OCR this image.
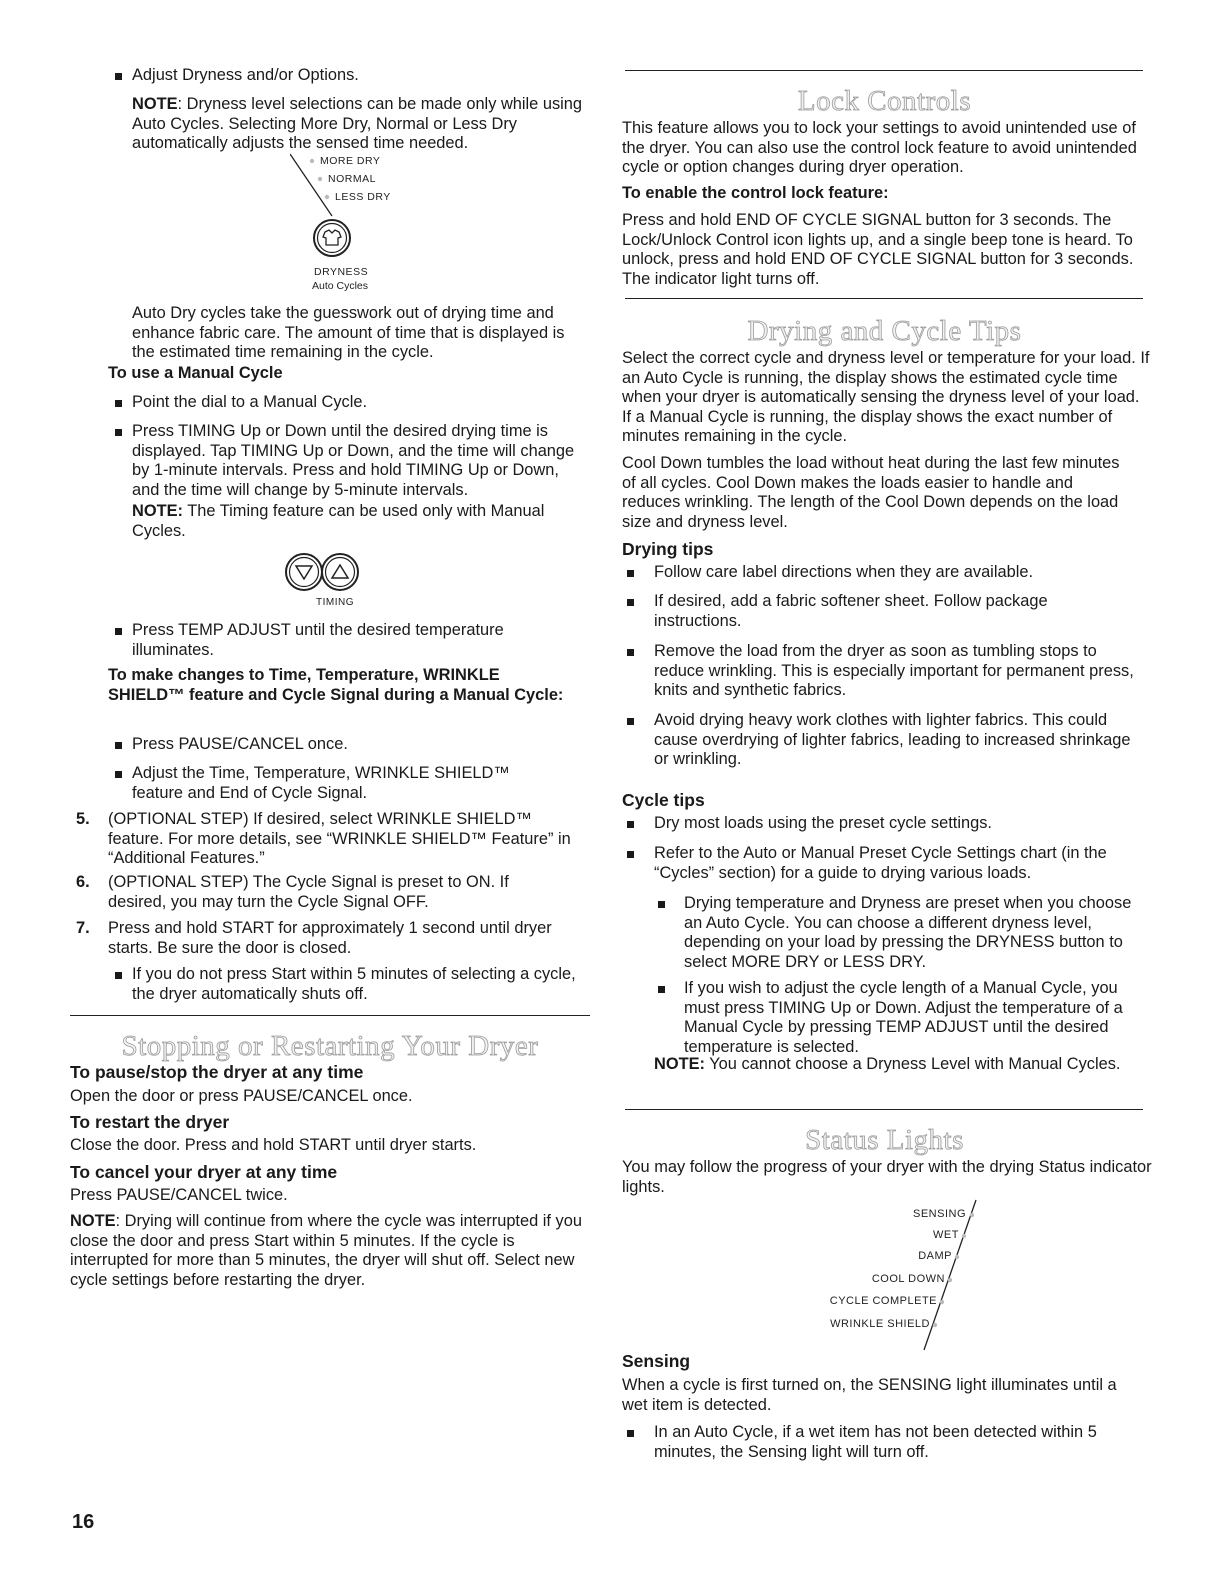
Adjust Dryness and/or Options.

NOTE: Dryness level selections can be made only while using Auto Cycles. Selecting More Dry, Normal or Less Dry automatically adjusts the sensed time needed.

MORE DRY
NORMAL
LESS DRY
DRYNESS
Auto Cycles

Auto Dry cycles take the guesswork out of drying time and enhance fabric care. The amount of time that is displayed is the estimated time remaining in the cycle.

To use a Manual Cycle

Point the dial to a Manual Cycle.

Press TIMING Up or Down until the desired drying time is displayed. Tap TIMING Up or Down, and the time will change by 1-minute intervals. Press and hold TIMING Up or Down, and the time will change by 5-minute intervals.

NOTE: The Timing feature can be used only with Manual Cycles.

TIMING

Press TEMP ADJUST until the desired temperature illuminates.

To make changes to Time, Temperature, WRINKLE SHIELD™ feature and Cycle Signal during a Manual Cycle:

Press PAUSE/CANCEL once.

Adjust the Time, Temperature, WRINKLE SHIELD™ feature and End of Cycle Signal.

5. (OPTIONAL STEP) If desired, select WRINKLE SHIELD™ feature. For more details, see “WRINKLE SHIELD™ Feature” in “Additional Features.”

6. (OPTIONAL STEP) The Cycle Signal is preset to ON. If desired, you may turn the Cycle Signal OFF.

7. Press and hold START for approximately 1 second until dryer starts. Be sure the door is closed.

If you do not press Start within 5 minutes of selecting a cycle, the dryer automatically shuts off.

Stopping or Restarting Your Dryer

To pause/stop the dryer at any time

Open the door or press PAUSE/CANCEL once.

To restart the dryer

Close the door. Press and hold START until dryer starts.

To cancel your dryer at any time

Press PAUSE/CANCEL twice.

NOTE: Drying will continue from where the cycle was interrupted if you close the door and press Start within 5 minutes. If the cycle is interrupted for more than 5 minutes, the dryer will shut off. Select new cycle settings before restarting the dryer.

Lock Controls

This feature allows you to lock your settings to avoid unintended use of the dryer. You can also use the control lock feature to avoid unintended cycle or option changes during dryer operation.

To enable the control lock feature:

Press and hold END OF CYCLE SIGNAL button for 3 seconds. The Lock/Unlock Control icon lights up, and a single beep tone is heard. To unlock, press and hold END OF CYCLE SIGNAL button for 3 seconds. The indicator light turns off.

Drying and Cycle Tips

Select the correct cycle and dryness level or temperature for your load. If an Auto Cycle is running, the display shows the estimated cycle time when your dryer is automatically sensing the dryness level of your load. If a Manual Cycle is running, the display shows the exact number of minutes remaining in the cycle.

Cool Down tumbles the load without heat during the last few minutes of all cycles. Cool Down makes the loads easier to handle and reduces wrinkling. The length of the Cool Down depends on the load size and dryness level.

Drying tips

Follow care label directions when they are available.

If desired, add a fabric softener sheet. Follow package instructions.

Remove the load from the dryer as soon as tumbling stops to reduce wrinkling. This is especially important for permanent press, knits and synthetic fabrics.

Avoid drying heavy work clothes with lighter fabrics. This could cause overdrying of lighter fabrics, leading to increased shrinkage or wrinkling.

Cycle tips

Dry most loads using the preset cycle settings.

Refer to the Auto or Manual Preset Cycle Settings chart (in the “Cycles” section) for a guide to drying various loads.

Drying temperature and Dryness are preset when you choose an Auto Cycle. You can choose a different dryness level, depending on your load by pressing the DRYNESS button to select MORE DRY or LESS DRY.

If you wish to adjust the cycle length of a Manual Cycle, you must press TIMING Up or Down. Adjust the temperature of a Manual Cycle by pressing TEMP ADJUST until the desired temperature is selected.

NOTE: You cannot choose a Dryness Level with Manual Cycles.

Status Lights

You may follow the progress of your dryer with the drying Status indicator lights.

SENSING
WET
DAMP
COOL DOWN
CYCLE COMPLETE
WRINKLE SHIELD

Sensing

When a cycle is first turned on, the SENSING light illuminates until a wet item is detected.

In an Auto Cycle, if a wet item has not been detected within 5 minutes, the Sensing light will turn off.

16
